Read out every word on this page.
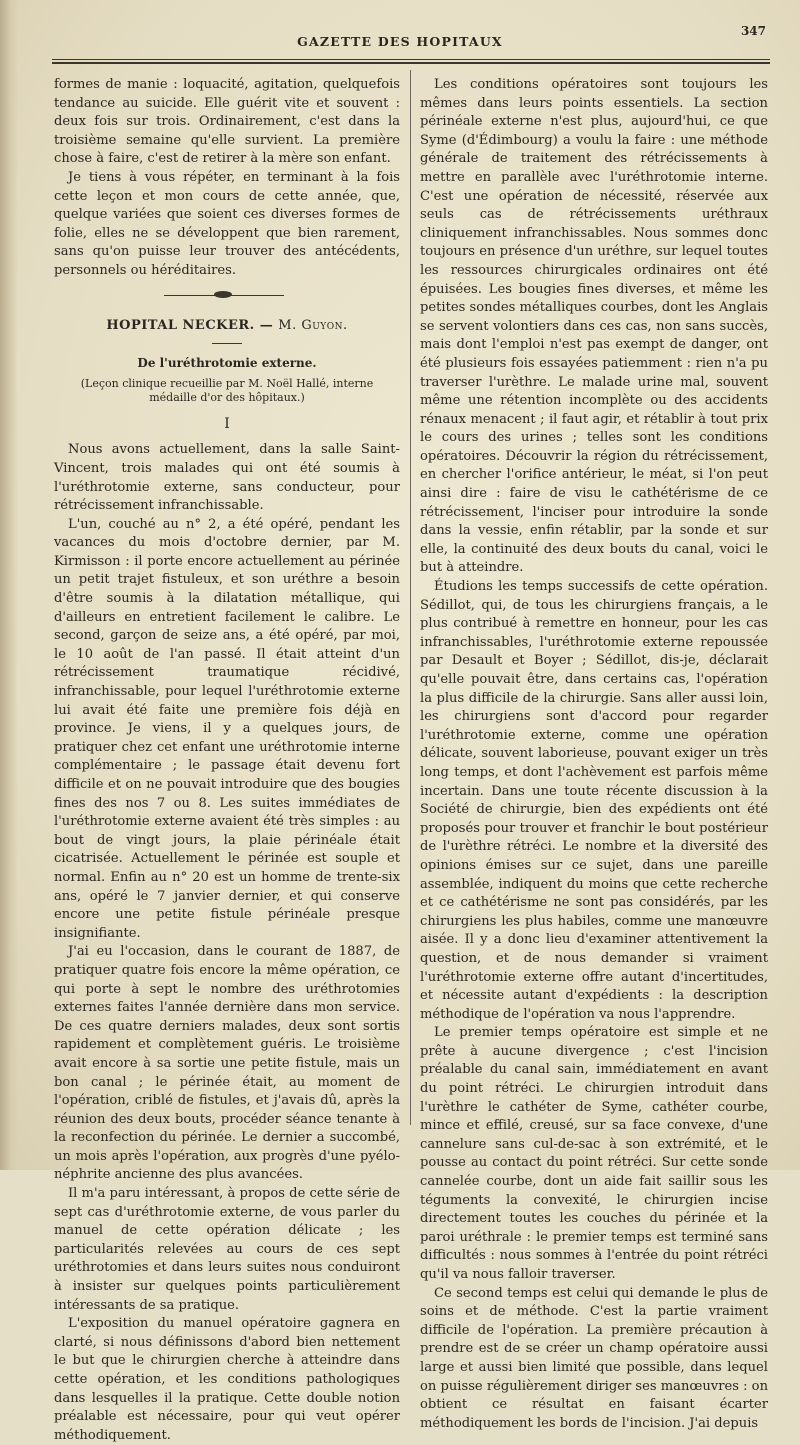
GAZETTE DES HOPITAUX
347

formes de manie : loquacité, agitation, quelquefois tendance au suicide. Elle guérit vite et souvent : deux fois sur trois. Ordinairement, c'est dans la troisième semaine qu'elle survient. La première chose à faire, c'est de retirer à la mère son enfant.

Je tiens à vous répéter, en terminant à la fois cette leçon et mon cours de cette année, que, quelque variées que soient ces diverses formes de folie, elles ne se développent que bien rarement, sans qu'on puisse leur trouver des antécédents, personnels ou héréditaires.

HOPITAL NECKER. — M. Guyon.
De l'uréthrotomie externe.
(Leçon clinique recueillie par M. Noël Hallé, interne médaille d'or des hôpitaux.)
I

Nous avons actuellement, dans la salle Saint-Vincent, trois malades qui ont été soumis à l'uréthrotomie externe, sans conducteur, pour rétrécissement infranchissable.

L'un, couché au n° 2, a été opéré, pendant les vacances du mois d'octobre dernier, par M. Kirmisson : il porte encore actuellement au périnée un petit trajet fistuleux, et son uréthre a besoin d'être soumis à la dilatation métallique, qui d'ailleurs en entretient facilement le calibre. Le second, garçon de seize ans, a été opéré, par moi, le 10 août de l'an passé. Il était atteint d'un rétrécissement traumatique récidivé, infranchissable, pour lequel l'uréthrotomie externe lui avait été faite une première fois déjà en province. Je viens, il y a quelques jours, de pratiquer chez cet enfant une uréthrotomie interne complémentaire ; le passage était devenu fort difficile et on ne pouvait introduire que des bougies fines des nos 7 ou 8. Les suites immédiates de l'uréthrotomie externe avaient été très simples : au bout de vingt jours, la plaie périnéale était cicatrisée. Actuellement le périnée est souple et normal. Enfin au n° 20 est un homme de trente-six ans, opéré le 7 janvier dernier, et qui conserve encore une petite fistule périnéale presque insignifiante.

J'ai eu l'occasion, dans le courant de 1887, de pratiquer quatre fois encore la même opération, ce qui porte à sept le nombre des uréthrotomies externes faites l'année dernière dans mon service. De ces quatre derniers malades, deux sont sortis rapidement et complètement guéris. Le troisième avait encore à sa sortie une petite fistule, mais un bon canal ; le périnée était, au moment de l'opération, criblé de fistules, et j'avais dû, après la réunion des deux bouts, procéder séance tenante à la reconfection du périnée. Le dernier a succombé, un mois après l'opération, aux progrès d'une pyélo-néphrite ancienne des plus avancées.

Il m'a paru intéressant, à propos de cette série de sept cas d'uréthrotomie externe, de vous parler du manuel de cette opération délicate ; les particularités relevées au cours de ces sept uréthrotomies et dans leurs suites nous conduiront à insister sur quelques points particulièrement intéressants de sa pratique.

L'exposition du manuel opératoire gagnera en clarté, si nous définissons d'abord bien nettement le but que le chirurgien cherche à atteindre dans cette opération, et les conditions pathologiques dans lesquelles il la pratique. Cette double notion préalable est nécessaire, pour qui veut opérer méthodiquement.

Les conditions opératoires sont toujours les mêmes dans leurs points essentiels. La section périnéale externe n'est plus, aujourd'hui, ce que Syme (d'Édimbourg) a voulu la faire : une méthode générale de traitement des rétrécissements à mettre en parallèle avec l'uréthrotomie interne. C'est une opération de nécessité, réservée aux seuls cas de rétrécissements uréthraux cliniquement infranchissables. Nous sommes donc toujours en présence d'un uréthre, sur lequel toutes les ressources chirurgicales ordinaires ont été épuisées. Les bougies fines diverses, et même les petites sondes métalliques courbes, dont les Anglais se servent volontiers dans ces cas, non sans succès, mais dont l'emploi n'est pas exempt de danger, ont été plusieurs fois essayées patiemment : rien n'a pu traverser l'urèthre. Le malade urine mal, souvent même une rétention incomplète ou des accidents rénaux menacent ; il faut agir, et rétablir à tout prix le cours des urines ; telles sont les conditions opératoires. Découvrir la région du rétrécissement, en chercher l'orifice antérieur, le méat, si l'on peut ainsi dire : faire de visu le cathétérisme de ce rétrécissement, l'inciser pour introduire la sonde dans la vessie, enfin rétablir, par la sonde et sur elle, la continuité des deux bouts du canal, voici le but à atteindre.

Étudions les temps successifs de cette opération. Sédillot, qui, de tous les chirurgiens français, a le plus contribué à remettre en honneur, pour les cas infranchissables, l'uréthrotomie externe repoussée par Desault et Boyer ; Sédillot, dis-je, déclarait qu'elle pouvait être, dans certains cas, l'opération la plus difficile de la chirurgie. Sans aller aussi loin, les chirurgiens sont d'accord pour regarder l'uréthrotomie externe, comme une opération délicate, souvent laborieuse, pouvant exiger un très long temps, et dont l'achèvement est parfois même incertain. Dans une toute récente discussion à la Société de chirurgie, bien des expédients ont été proposés pour trouver et franchir le bout postérieur de l'urèthre rétréci. Le nombre et la diversité des opinions émises sur ce sujet, dans une pareille assemblée, indiquent du moins que cette recherche et ce cathétérisme ne sont pas considérés, par les chirurgiens les plus habiles, comme une manœuvre aisée. Il y a donc lieu d'examiner attentivement la question, et de nous demander si vraiment l'uréthrotomie externe offre autant d'incertitudes, et nécessite autant d'expédients : la description méthodique de l'opération va nous l'apprendre.

Le premier temps opératoire est simple et ne prête à aucune divergence ; c'est l'incision préalable du canal sain, immédiatement en avant du point rétréci. Le chirurgien introduit dans l'urèthre le cathéter de Syme, cathéter courbe, mince et effilé, creusé, sur sa face convexe, d'une cannelure sans cul-de-sac à son extrémité, et le pousse au contact du point rétréci. Sur cette sonde cannelée courbe, dont un aide fait saillir sous les téguments la convexité, le chirurgien incise directement toutes les couches du périnée et la paroi uréthrale : le premier temps est terminé sans difficultés : nous sommes à l'entrée du point rétréci qu'il va nous falloir traverser.

Ce second temps est celui qui demande le plus de soins et de méthode. C'est la partie vraiment difficile de l'opération. La première précaution à prendre est de se créer un champ opératoire aussi large et aussi bien limité que possible, dans lequel on puisse régulièrement diriger ses manœuvres : on obtient ce résultat en faisant écarter méthodiquement les bords de l'incision. J'ai depuis
